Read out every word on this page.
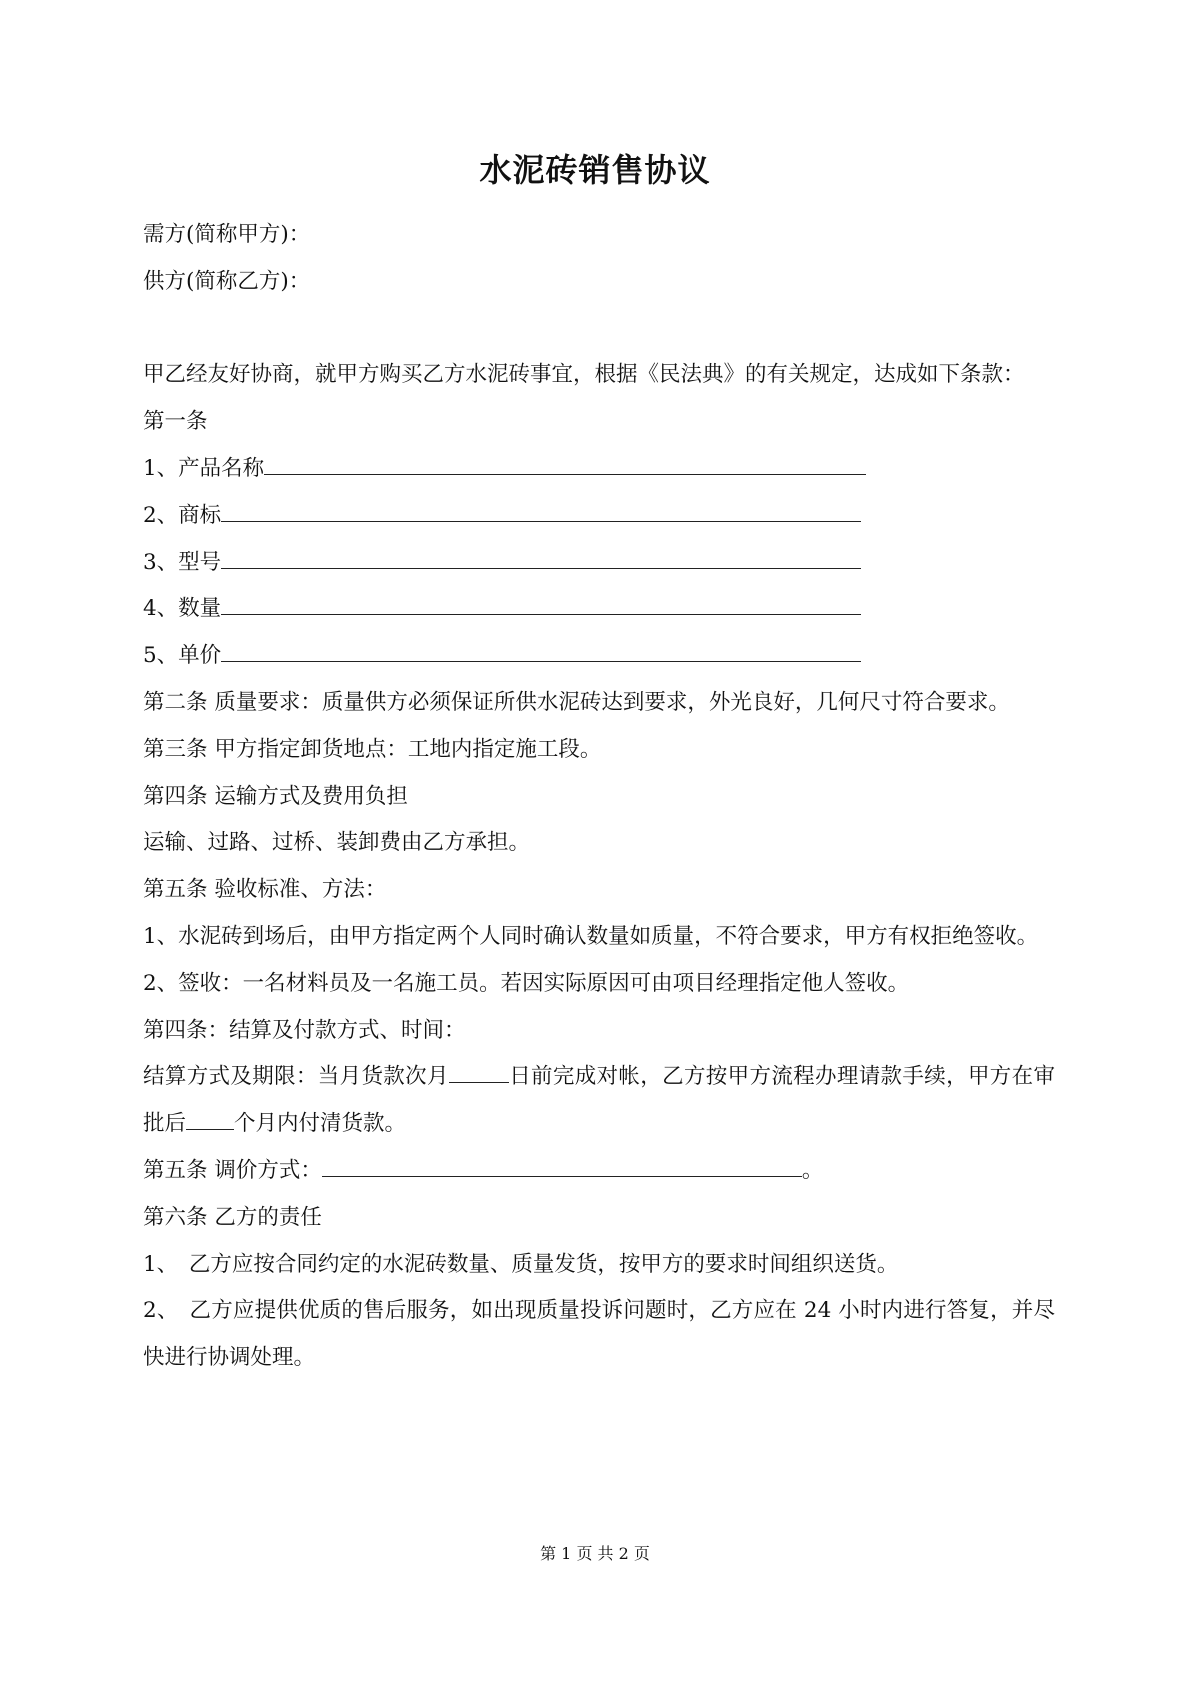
水泥砖销售协议
需方(简称甲方)：
供方(简称乙方)：
甲乙经友好协商，就甲方购买乙方水泥砖事宜，根据《民法典》的有关规定，达成如下条款：
第一条
1、产品名称
2、商标
3、型号
4、数量
5、单价
第二条 质量要求：质量供方必须保证所供水泥砖达到要求，外光良好，几何尺寸符合要求。
第三条 甲方指定卸货地点：工地内指定施工段。
第四条 运输方式及费用负担
运输、过路、过桥、装卸费由乙方承担。
第五条 验收标准、方法：
1、水泥砖到场后，由甲方指定两个人同时确认数量如质量，不符合要求，甲方有权拒绝签收。
2、签收：一名材料员及一名施工员。若因实际原因可由项目经理指定他人签收。
第四条：结算及付款方式、时间：
结算方式及期限：当月货款次月	日前完成对帐，乙方按甲方流程办理请款手续，甲方在审批后 个月内付清货款。
第五条 调价方式：	。
第六条 乙方的责任
1、　乙方应按合同约定的水泥砖数量、质量发货，按甲方的要求时间组织送货。
2、　乙方应提供优质的售后服务，如出现质量投诉问题时，乙方应在 24 小时内进行答复，并尽快进行协调处理。
第 1 页 共 2 页
